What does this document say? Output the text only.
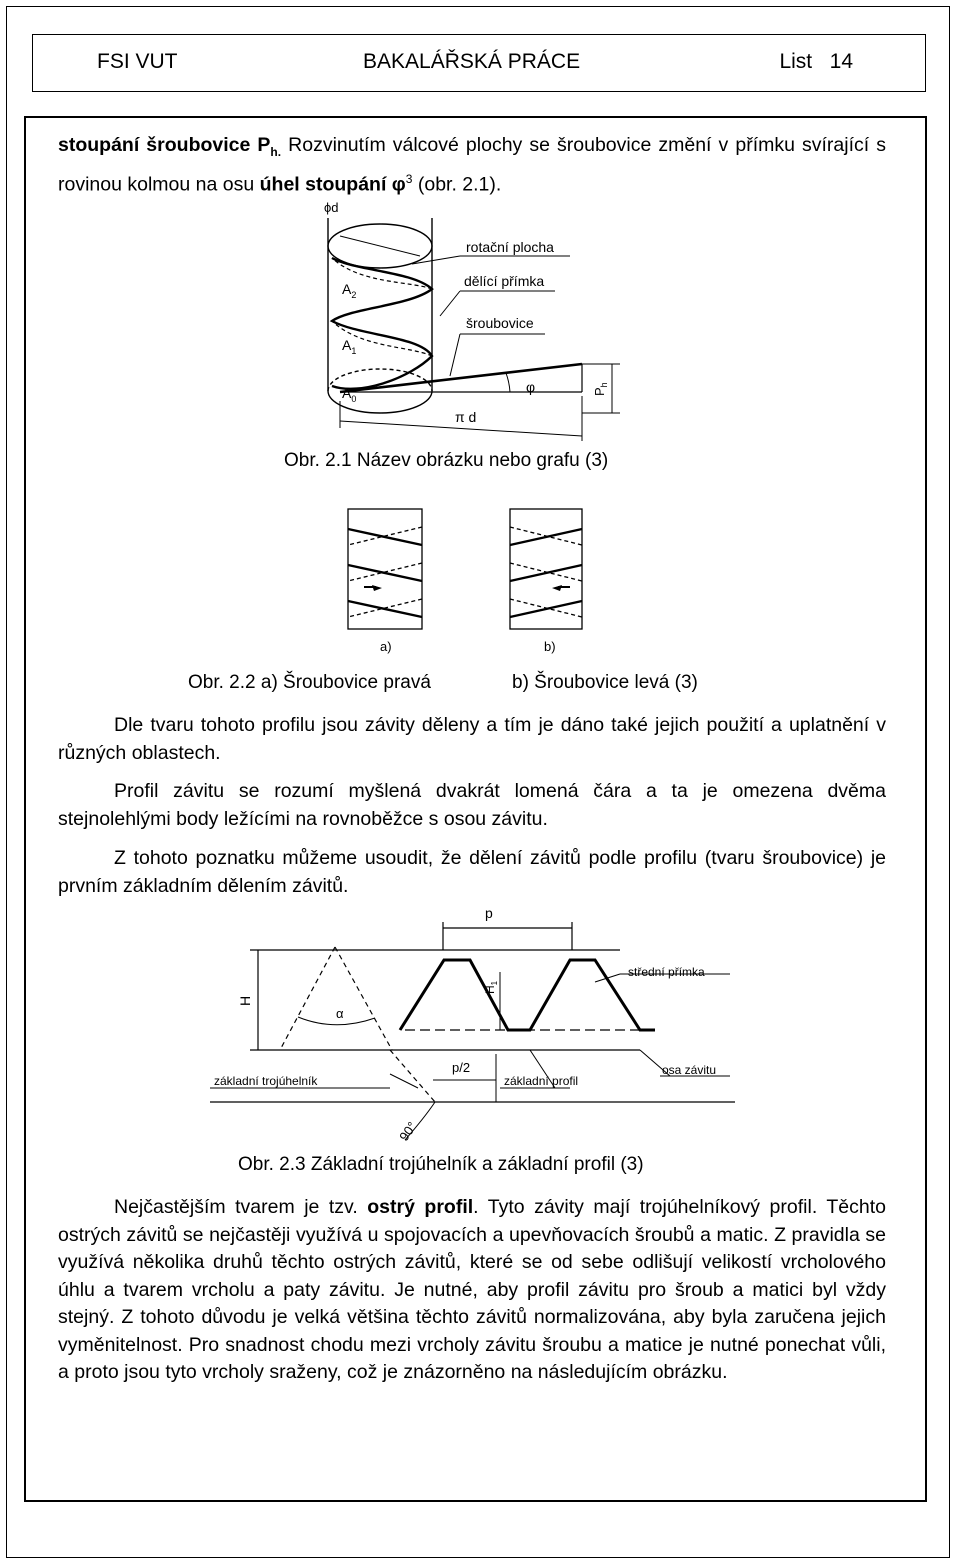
FSI VUT	BAKALÁŘSKÁ PRÁCE	List   14

stoupání šroubovice $P_{h.}$ Rozvinutím válcové plochy se šroubovice změní v přímku svírající s rovinou kolmou na osu úhel stoupání $\varphi^3$ (obr. 2.1).

ϕd
rotační plocha
dělící přímka
šroubovice
$A_2$
$A_1$
$A_0$
φ
π d
$P_h$
Obr. 2.1 Název obrázku nebo grafu (3)
a)	b)
Obr. 2.2 a) Šroubovice pravá	b) Šroubovice levá (3)

Dle tvaru tohoto profilu jsou závity děleny a tím je dáno také jejich použití a uplatnění v různých oblastech.

Profil závitu se rozumí myšlená dvakrát lomená čára a ta je omezena dvěma stejnolehlými body ležícími na rovnoběžce s osou závitu.

Z tohoto poznatku můžeme usoudit, že dělení závitů podle profilu (tvaru šroubovice) je prvním základním dělením závitů.

p
H
$H_1$
α
p/2
střední přímka
základní trojúhelník	základní profil
osa závitu
90°
Obr. 2.3 Základní trojúhelník a základní profil (3)

Nejčastějším tvarem je tzv. ostrý profil. Tyto závity mají trojúhelníkový profil. Těchto ostrých závitů se nejčastěji využívá u spojovacích a upevňovacích šroubů a matic. Z pravidla se využívá několika druhů těchto ostrých závitů, které se od sebe odlišují velikostí vrcholového úhlu a tvarem vrcholu a paty závitu. Je nutné, aby profil závitu pro šroub a matici byl vždy stejný. Z tohoto důvodu je velká většina těchto závitů normalizována, aby byla zaručena jejich vyměnitelnost. Pro snadnost chodu mezi vrcholy závitu šroubu a matice je nutné ponechat vůli, a proto jsou tyto vrcholy sraženy, což je znázorněno na následujícím obrázku.
